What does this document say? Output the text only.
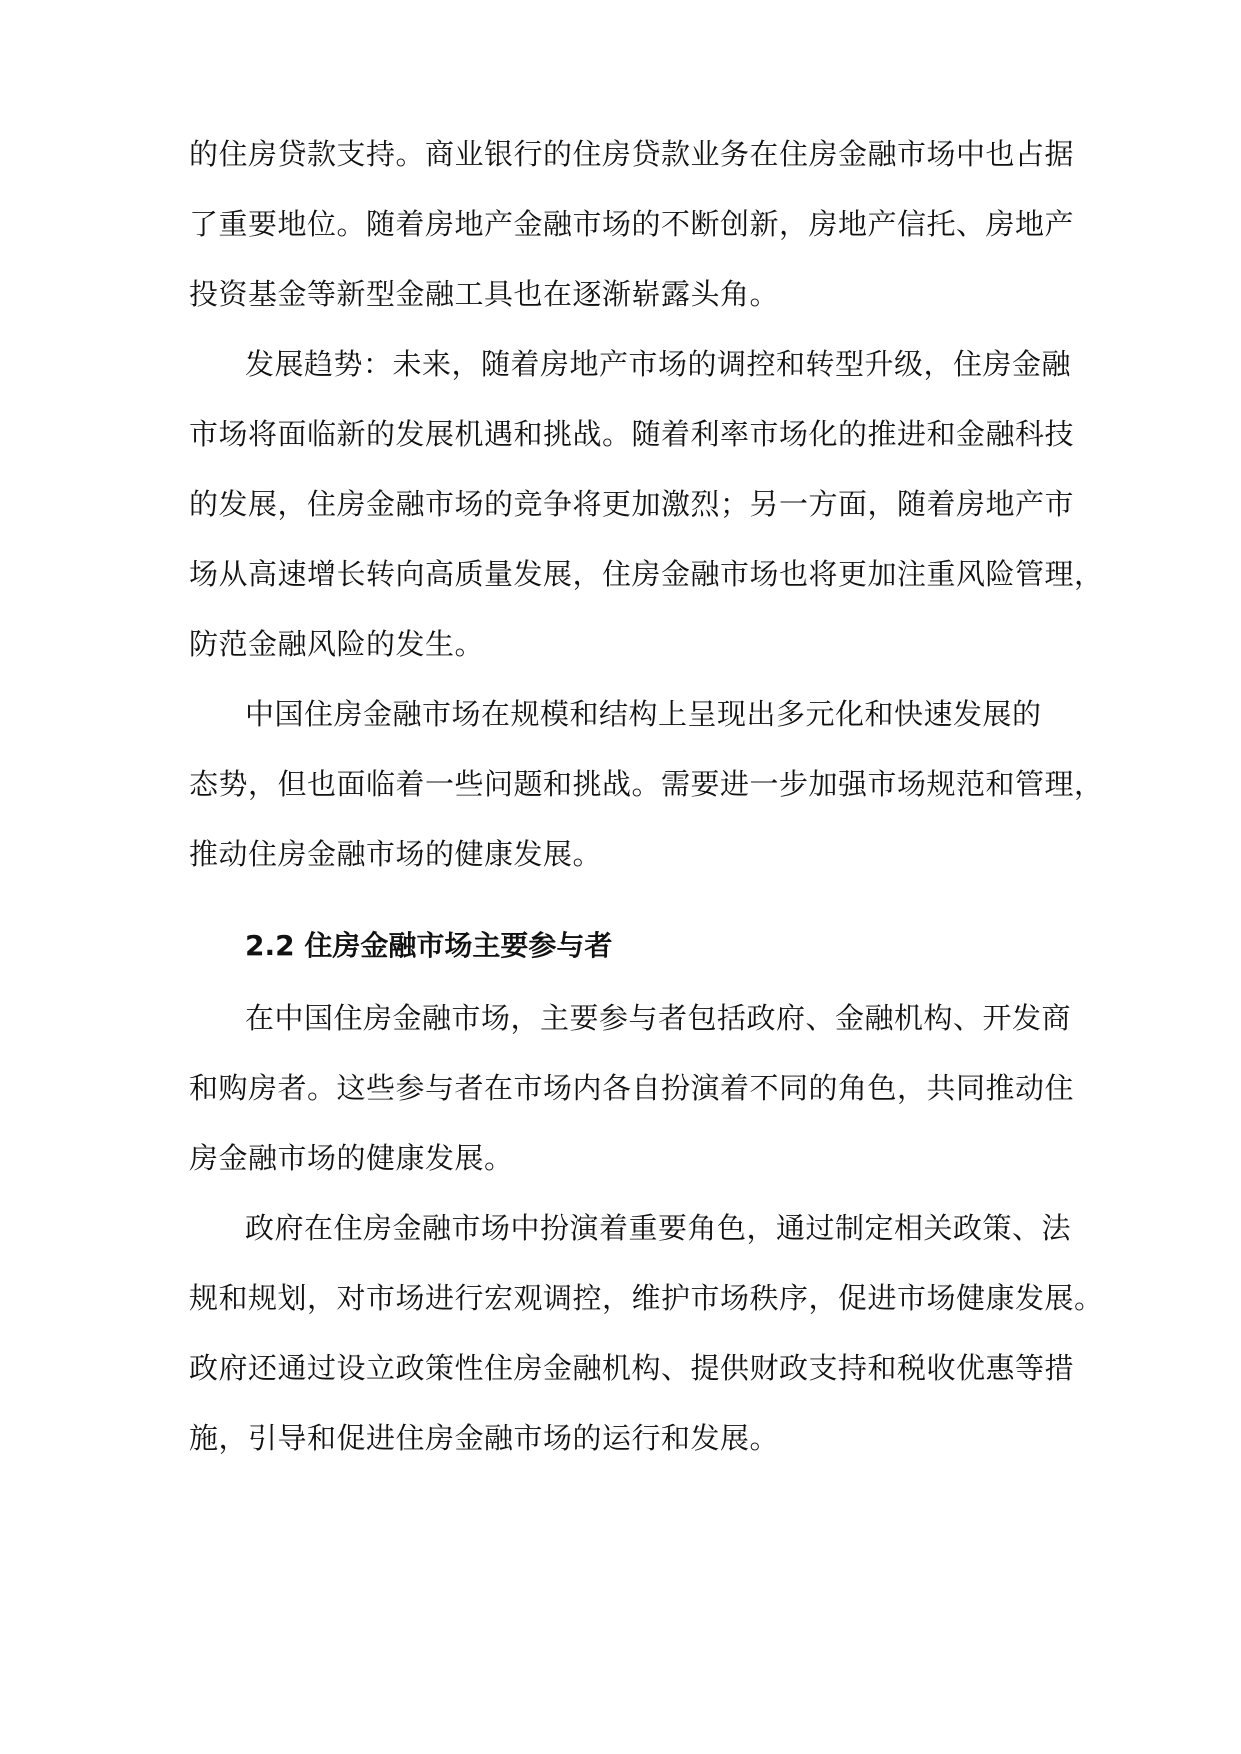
的住房贷款支持。商业银行的住房贷款业务在住房金融市场中也占据
了重要地位。随着房地产金融市场的不断创新，房地产信托、房地产
投资基金等新型金融工具也在逐渐崭露头角。
发展趋势：未来，随着房地产市场的调控和转型升级，住房金融
市场将面临新的发展机遇和挑战。随着利率市场化的推进和金融科技
的发展，住房金融市场的竞争将更加激烈；另一方面，随着房地产市
场从高速增长转向高质量发展，住房金融市场也将更加注重风险管理，
防范金融风险的发生。
中国住房金融市场在规模和结构上呈现出多元化和快速发展的
态势，但也面临着一些问题和挑战。需要进一步加强市场规范和管理，
推动住房金融市场的健康发展。
2.2 住房金融市场主要参与者
在中国住房金融市场，主要参与者包括政府、金融机构、开发商
和购房者。这些参与者在市场内各自扮演着不同的角色，共同推动住
房金融市场的健康发展。
政府在住房金融市场中扮演着重要角色，通过制定相关政策、法
规和规划，对市场进行宏观调控，维护市场秩序，促进市场健康发展。
政府还通过设立政策性住房金融机构、提供财政支持和税收优惠等措
施，引导和促进住房金融市场的运行和发展。
